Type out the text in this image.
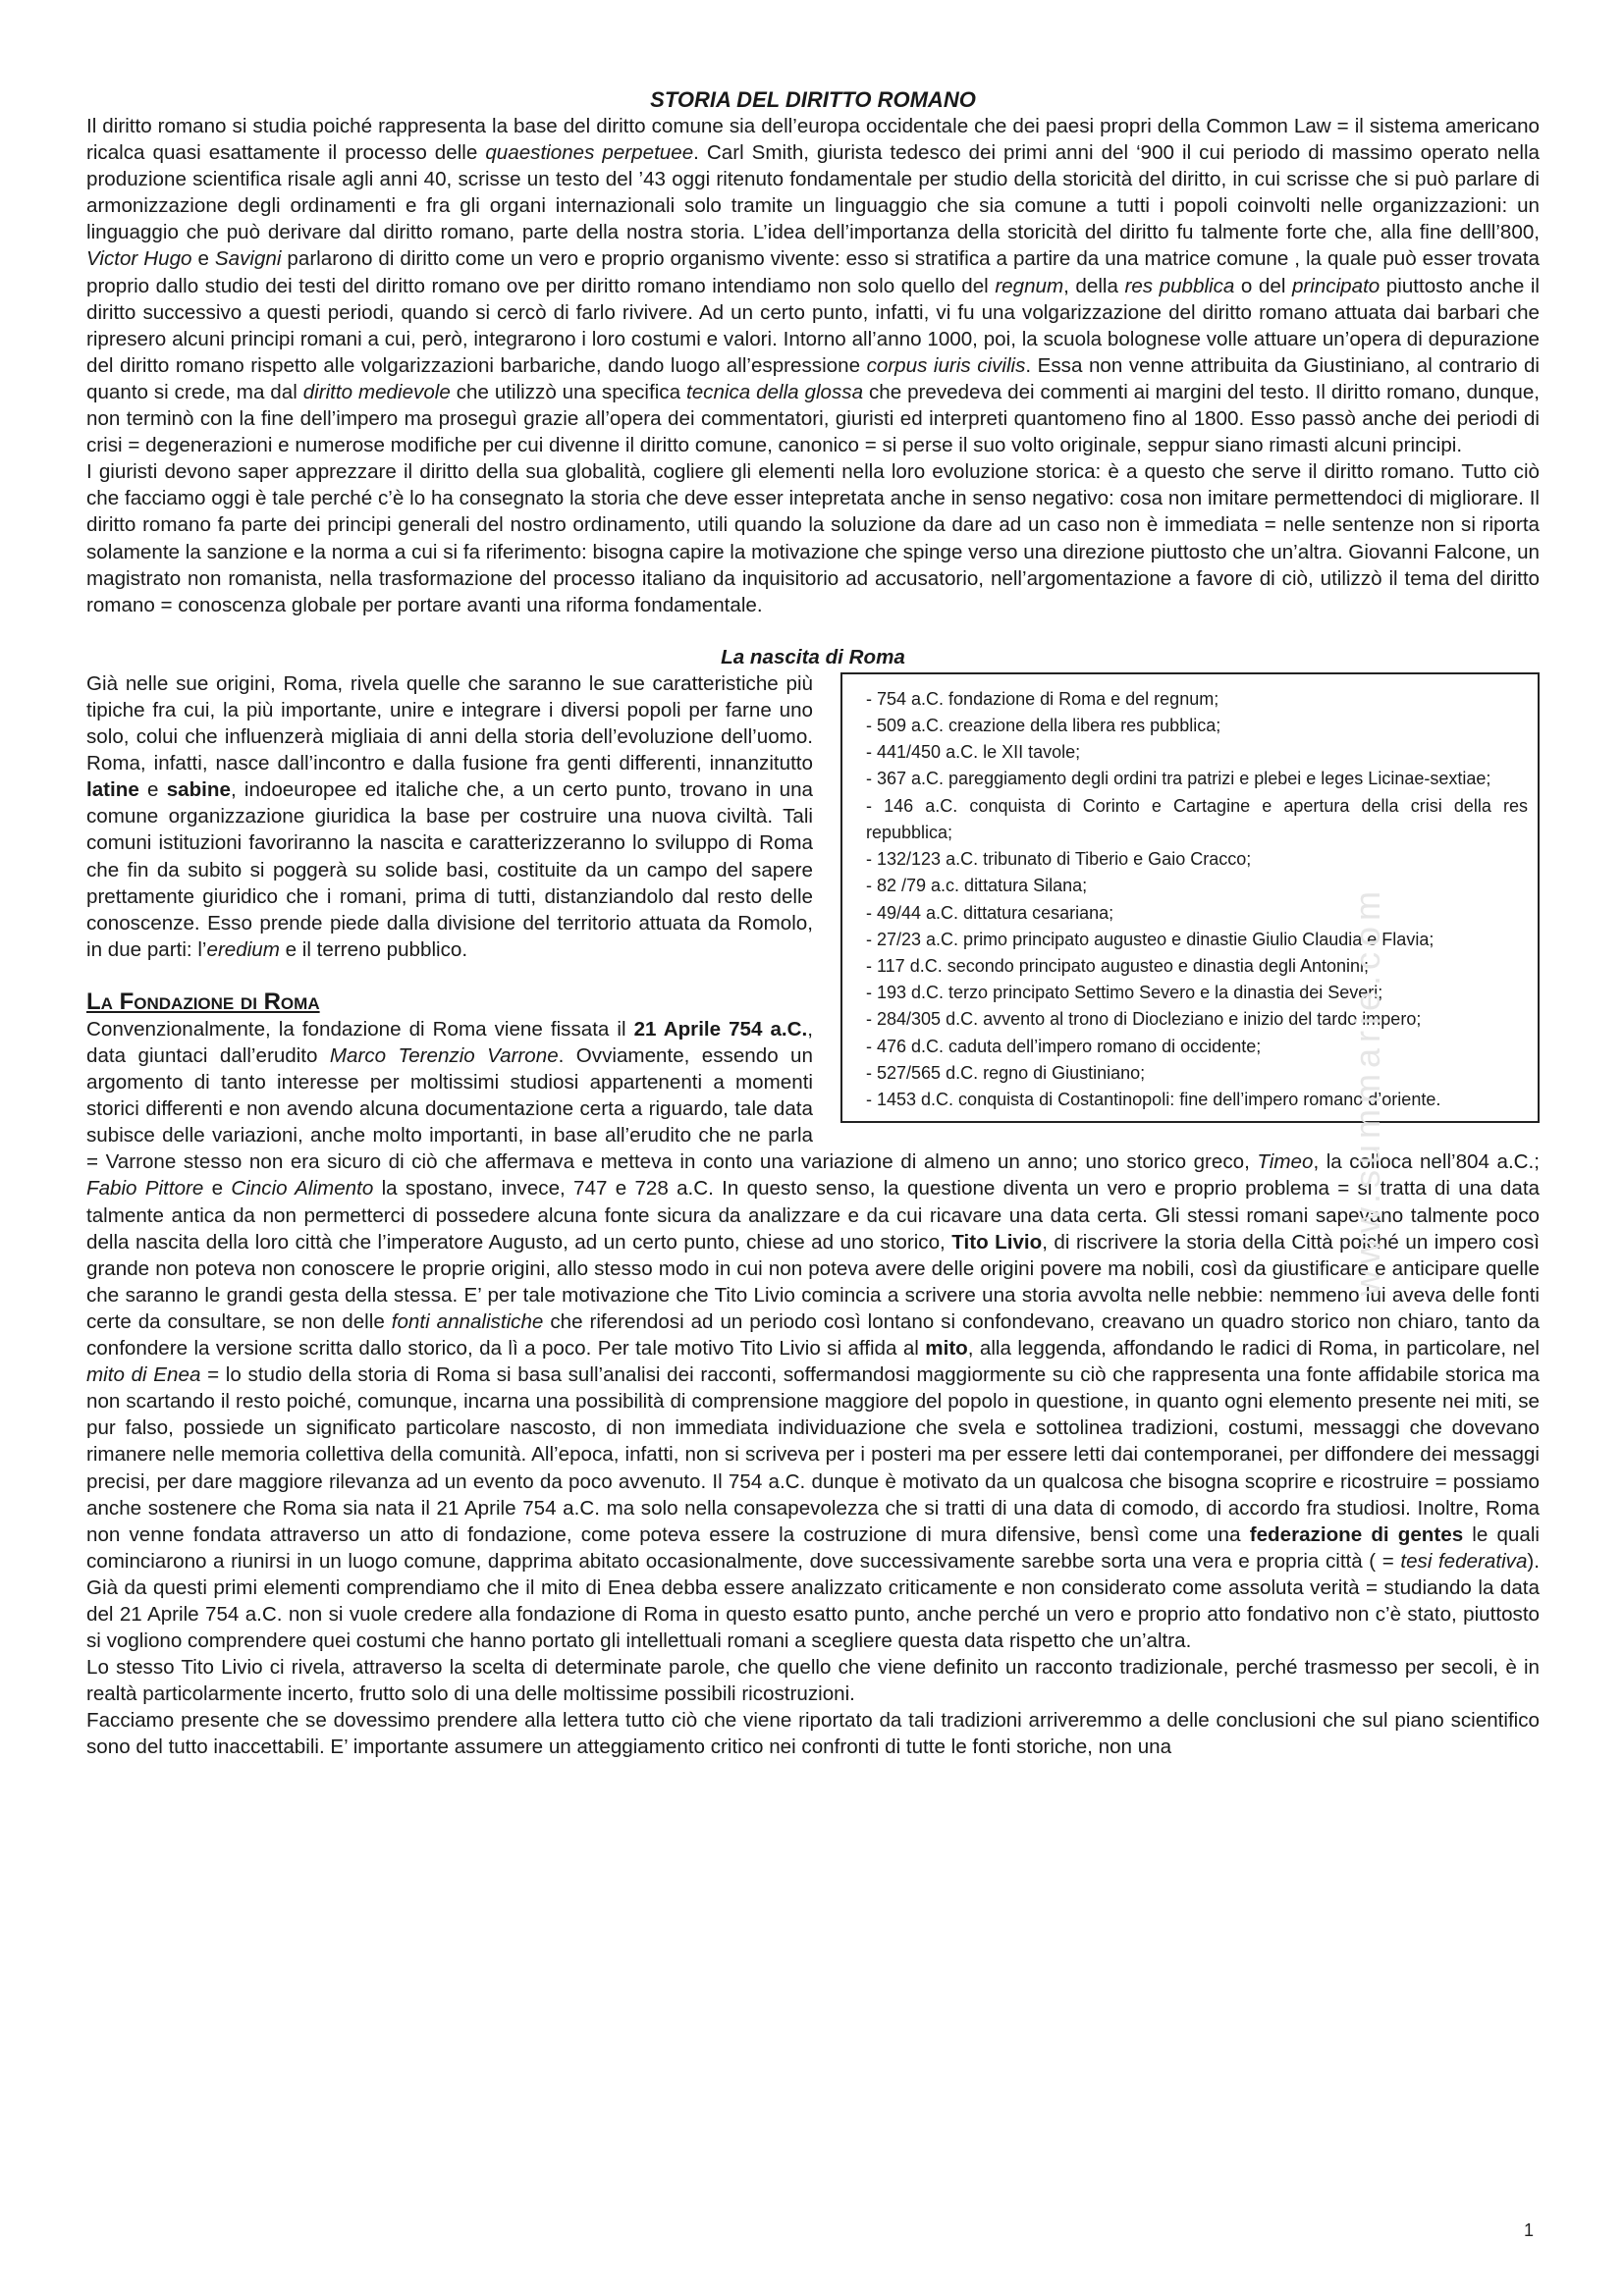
STORIA DEL DIRITTO ROMANO

Il diritto romano si studia poiché rappresenta la base del diritto comune sia dell’europa occidentale che dei paesi propri della Common Law = il sistema americano ricalca quasi esattamente il processo delle quaestiones perpetuee. Carl Smith, giurista tedesco dei primi anni del ‘900 il cui periodo di massimo operato nella produzione scientifica risale agli anni 40, scrisse un testo del ’43 oggi ritenuto fondamentale per studio della storicità del diritto, in cui scrisse che si può parlare di armonizzazione degli ordinamenti e fra gli organi internazionali solo tramite un linguaggio che sia comune a tutti i popoli coinvolti nelle organizzazioni: un linguaggio che può derivare dal diritto romano, parte della nostra storia. L’idea dell’importanza della storicità del diritto fu talmente forte che, alla fine delll’800, Victor Hugo e Savigni parlarono di diritto come un vero e proprio organismo vivente: esso si stratifica a partire da una matrice comune , la quale può esser trovata proprio dallo studio dei testi del diritto romano ove per diritto romano intendiamo non solo quello del regnum, della res pubblica o del principato piuttosto anche il diritto successivo a questi periodi, quando si cercò di farlo rivivere. Ad un certo punto, infatti, vi fu una volgarizzazione del diritto romano attuata dai barbari che ripresero alcuni principi romani a cui, però, integrarono i loro costumi e valori. Intorno all’anno 1000, poi, la scuola bolognese volle attuare un’opera di depurazione del diritto romano rispetto alle volgarizzazioni barbariche, dando luogo all’espressione corpus iuris civilis. Essa non venne attribuita da Giustiniano, al contrario di quanto si crede, ma dal diritto medievole che utilizzò una specifica tecnica della glossa che prevedeva dei commenti ai margini del testo. Il diritto romano, dunque, non terminò con la fine dell’impero ma proseguì grazie all’opera dei commentatori, giuristi ed interpreti quantomeno fino al 1800. Esso passò anche dei periodi di crisi = degenerazioni e numerose modifiche per cui divenne il diritto comune, canonico = si perse il suo volto originale, seppur siano rimasti alcuni principi.

I giuristi devono saper apprezzare il diritto della sua globalità, cogliere gli elementi nella loro evoluzione storica: è a questo che serve il diritto romano. Tutto ciò che facciamo oggi è tale perché c’è lo ha consegnato la storia che deve esser intepretata anche in senso negativo: cosa non imitare permettendoci di migliorare. Il diritto romano fa parte dei principi generali del nostro ordinamento, utili quando la soluzione da dare ad un caso non è immediata = nelle sentenze non si riporta solamente la sanzione e la norma a cui si fa riferimento: bisogna capire la motivazione che spinge verso una direzione piuttosto che un’altra. Giovanni Falcone, un magistrato non romanista, nella trasformazione del processo italiano da inquisitorio ad accusatorio, nell’argomentazione a favore di ciò, utilizzò il tema del diritto romano = conoscenza globale per portare avanti una riforma fondamentale.

La nascita di Roma
- 754 a.C. fondazione di Roma e del regnum;
- 509 a.C. creazione della libera res pubblica;
- 441/450 a.C. le XII tavole;
- 367 a.C. pareggiamento degli ordini tra patrizi e plebei e leges Licinae-sextiae;
- 146 a.C. conquista di Corinto e Cartagine e apertura della crisi della res repubblica;
- 132/123 a.C. tribunato di Tiberio e Gaio Cracco;
- 82 /79 a.c. dittatura Silana;
- 49/44 a.C. dittatura cesariana;
- 27/23 a.C. primo principato augusteo e dinastie Giulio Claudia e Flavia;
- 117 d.C. secondo principato augusteo e dinastia degli Antonini;
- 193 d.C. terzo principato Settimo Severo e la dinastia dei Severi;
- 284/305 d.C. avvento al trono di Diocleziano e inizio del tardo impero;
- 476 d.C. caduta dell’impero romano di occidente;
- 527/565 d.C. regno di Giustiniano;
- 1453 d.C. conquista di Costantinopoli: fine dell’impero romano d’oriente.

Già nelle sue origini, Roma, rivela quelle che saranno le sue caratteristiche più tipiche fra cui, la più importante, unire e integrare i diversi popoli per farne uno solo, colui che influenzerà migliaia di anni della storia dell’evoluzione dell’uomo. Roma, infatti, nasce dall’incontro e dalla fusione fra genti differenti, innanzitutto latine e sabine, indoeuropee ed italiche che, a un certo punto, trovano in una comune organizzazione giuridica la base per costruire una nuova civiltà. Tali comuni istituzioni favoriranno la nascita e caratterizzeranno lo sviluppo di Roma che fin da subito si poggerà su solide basi, costituite da un campo del sapere prettamente giuridico che i romani, prima di tutti, distanziandolo dal resto delle conoscenze. Esso prende piede dalla divisione del territorio attuata da Romolo, in due parti: l’eredium e il terreno pubblico.

La Fondazione di Roma

Convenzionalmente, la fondazione di Roma viene fissata il 21 Aprile 754 a.C., data giuntaci dall’erudito Marco Terenzio Varrone. Ovviamente, essendo un argomento di tanto interesse per moltissimi studiosi appartenenti a momenti storici differenti e non avendo alcuna documentazione certa a riguardo, tale data subisce delle variazioni, anche molto importanti, in base all’erudito che ne parla = Varrone stesso non era sicuro di ciò che affermava e metteva in conto una variazione di almeno un anno; uno storico greco, Timeo, la colloca nell’804 a.C.; Fabio Pittore e Cincio Alimento la spostano, invece, 747 e 728 a.C. In questo senso, la questione diventa un vero e proprio problema = si tratta di una data talmente antica da non permetterci di possedere alcuna fonte sicura da analizzare e da cui ricavare una data certa. Gli stessi romani sapevano talmente poco della nascita della loro città che l’imperatore Augusto, ad un certo punto, chiese ad uno storico, Tito Livio, di riscrivere la storia della Città poiché un impero così grande non poteva non conoscere le proprie origini, allo stesso modo in cui non poteva avere delle origini povere ma nobili, così da giustificare e anticipare quelle che saranno le grandi gesta della stessa. E’ per tale motivazione che Tito Livio comincia a scrivere una storia avvolta nelle nebbie: nemmeno lui aveva delle fonti certe da consultare, se non delle fonti annalistiche che riferendosi ad un periodo così lontano si confondevano, creavano un quadro storico non chiaro, tanto da confondere la versione scritta dallo storico, da lì a poco. Per tale motivo Tito Livio si affida al mito, alla leggenda, affondando le radici di Roma, in particolare, nel mito di Enea = lo studio della storia di Roma si basa sull’analisi dei racconti, soffermandosi maggiormente su ciò che rappresenta una fonte affidabile storica ma non scartando il resto poiché, comunque, incarna una possibilità di comprensione maggiore del popolo in questione, in quanto ogni elemento presente nei miti, se pur falso, possiede un significato particolare nascosto, di non immediata individuazione che svela e sottolinea tradizioni, costumi, messaggi che dovevano rimanere nelle memoria collettiva della comunità. All’epoca, infatti, non si scriveva per i posteri ma per essere letti dai contemporanei, per diffondere dei messaggi precisi, per dare maggiore rilevanza ad un evento da poco avvenuto. Il 754 a.C. dunque è motivato da un qualcosa che bisogna scoprire e ricostruire = possiamo anche sostenere che Roma sia nata il 21 Aprile 754 a.C. ma solo nella consapevolezza che si tratti di una data di comodo, di accordo fra studiosi. Inoltre, Roma non venne fondata attraverso un atto di fondazione, come poteva essere la costruzione di mura difensive, bensì come una federazione di gentes le quali cominciarono a riunirsi in un luogo comune, dapprima abitato occasionalmente, dove successivamente sarebbe sorta una vera e propria città ( = tesi federativa). Già da questi primi elementi comprendiamo che il mito di Enea debba essere analizzato criticamente e non considerato come assoluta verità = studiando la data del 21 Aprile 754 a.C. non si vuole credere alla fondazione di Roma in questo esatto punto, anche perché un vero e proprio atto fondativo non c’è stato, piuttosto si vogliono comprendere quei costumi che hanno portato gli intellettuali romani a scegliere questa data rispetto che un’altra.

Lo stesso Tito Livio ci rivela, attraverso la scelta di determinate parole, che quello che viene definito un racconto tradizionale, perché trasmesso per secoli, è in realtà particolarmente incerto, frutto solo di una delle moltissime possibili ricostruzioni.

Facciamo presente che se dovessimo prendere alla lettera tutto ciò che viene riportato da tali tradizioni arriveremmo a delle conclusioni che sul piano scientifico sono del tutto inaccettabili. E’ importante assumere un atteggiamento critico nei confronti di tutte le fonti storiche, non una

www.summarie.com
1
